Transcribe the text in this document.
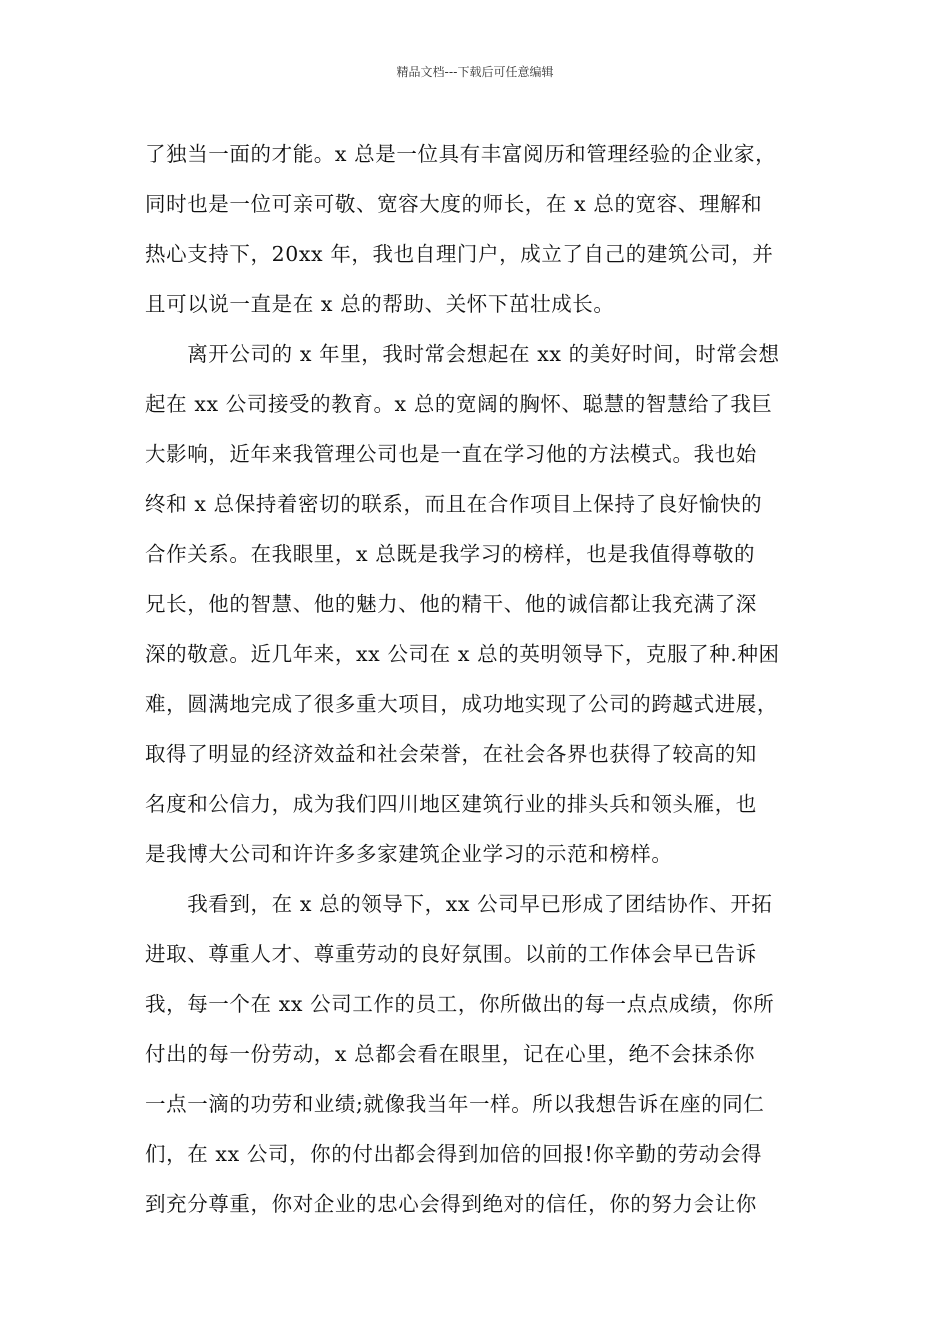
精品文档---下载后可任意编辑
了独当一面的才能。x 总是一位具有丰富阅历和管理经验的企业家，
同时也是一位可亲可敬、宽容大度的师长，在 x 总的宽容、理解和
热心支持下，20xx 年，我也自理门户，成立了自己的建筑公司，并
且可以说一直是在 x 总的帮助、关怀下茁壮成长。
　　离开公司的 x 年里，我时常会想起在 xx 的美好时间，时常会想
起在 xx 公司接受的教育。x 总的宽阔的胸怀、聪慧的智慧给了我巨
大影响，近年来我管理公司也是一直在学习他的方法模式。我也始
终和 x 总保持着密切的联系，而且在合作项目上保持了良好愉快的
合作关系。在我眼里，x 总既是我学习的榜样，也是我值得尊敬的
兄长，他的智慧、他的魅力、他的精干、他的诚信都让我充满了深
深的敬意。近几年来，xx 公司在 x 总的英明领导下，克服了种.种困
难，圆满地完成了很多重大项目，成功地实现了公司的跨越式进展，
取得了明显的经济效益和社会荣誉，在社会各界也获得了较高的知
名度和公信力，成为我们四川地区建筑行业的排头兵和领头雁，也
是我博大公司和许许多多家建筑企业学习的示范和榜样。
　　我看到，在 x 总的领导下，xx 公司早已形成了团结协作、开拓
进取、尊重人才、尊重劳动的良好氛围。以前的工作体会早已告诉
我，每一个在 xx 公司工作的员工，你所做出的每一点点成绩，你所
付出的每一份劳动，x 总都会看在眼里，记在心里，绝不会抹杀你
一点一滴的功劳和业绩;就像我当年一样。所以我想告诉在座的同仁
们，在 xx 公司，你的付出都会得到加倍的回报!你辛勤的劳动会得
到充分尊重，你对企业的忠心会得到绝对的信任，你的努力会让你
